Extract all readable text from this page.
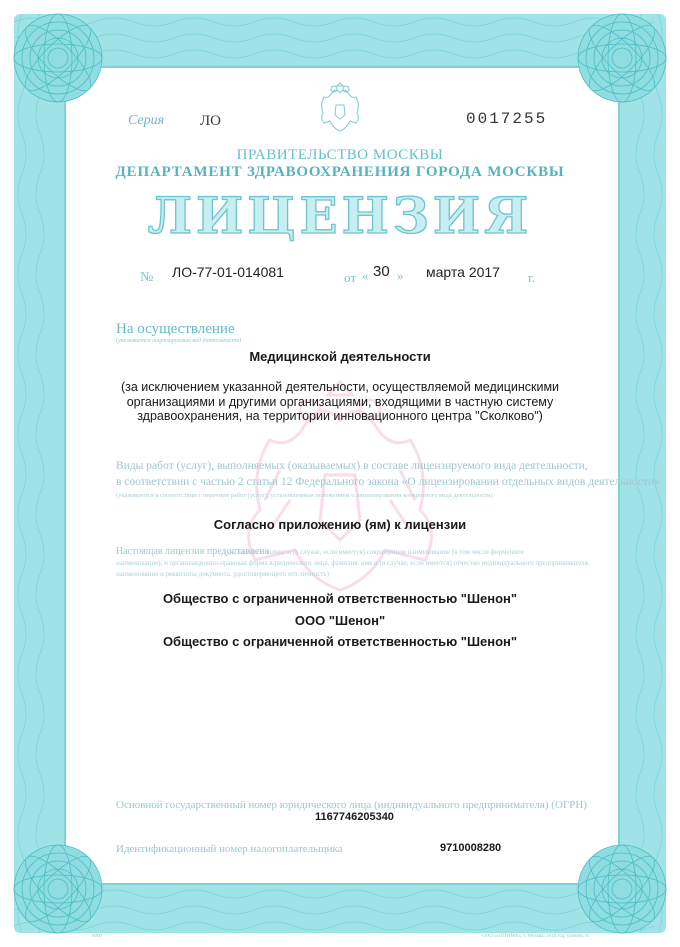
Серия ЛО	0017255
ПРАВИТЕЛЬСТВО МОСКВЫ
ДЕПАРТАМЕНТ ЗДРАВООХРАНЕНИЯ ГОРОДА МОСКВЫ
ЛИЦЕНЗИЯ
№ ЛО-77-01-014081	от « 30 » марта 2017 г.
На осуществление
(указывается лицензируемый вид деятельности)
Медицинской деятельности
(за исключением указанной деятельности, осуществляемой медицинскими организациями и другими организациями, входящими в частную систему здравоохранения, на территории инновационного центра "Сколково")
Виды работ (услуг), выполняемых (оказываемых) в составе лицензируемого вида деятельности,
в соответствии с частью 2 статьи 12 Федерального закона «О лицензировании отдельных видов деятельности»
(указываются в соответствии с перечнем работ (услуг), установленным положением о лицензировании конкретного вида деятельности)
Согласно приложению (ям) к лицензии
Настоящая лицензия предоставлена
(указывается полное и (в случае, если имеется) сокращенное наименование (в том числе фирменное
наименование), и организационно-правовая форма юридического лица, фамилия, имя и (в случае, если имеется) отчество индивидуального предпринимателя,
наименование и реквизиты документа, удостоверяющего его личность)
Общество с ограниченной ответственностью "Шенон"
ООО "Шенон"
Общество с ограниченной ответственностью "Шенон"
Основной государственный номер юридического лица (индивидуального предпринимателя) (ОГРН)
1167746205340
Идентификационный номер налогоплательщика	9710008280
0000	ООО «ОПТИМА», г. Москва, 2016 год, уровень А
